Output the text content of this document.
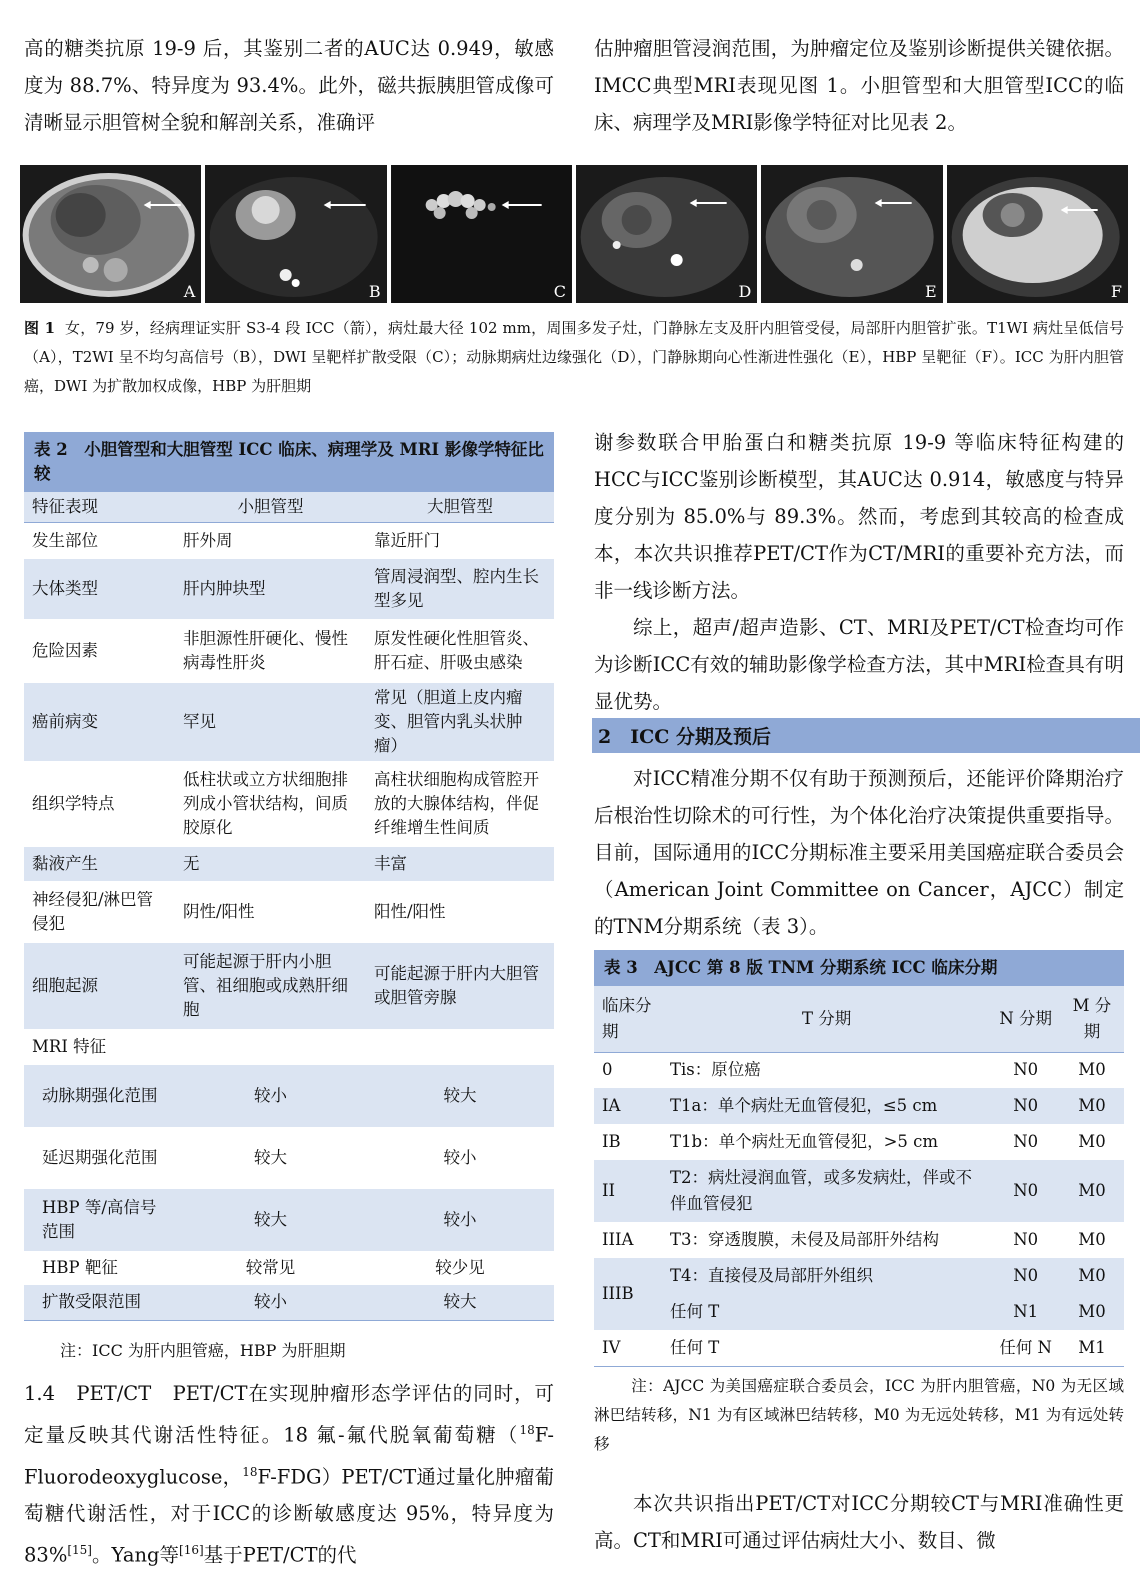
高的糖类抗原 19-9 后，其鉴别二者的AUC达 0.949，敏感度为 88.7%、特异度为 93.4%。此外，磁共振胰胆管成像可清晰显示胆管树全貌和解剖关系，准确评

估肿瘤胆管浸润范围，为肿瘤定位及鉴别诊断提供关键依据。IMCC典型MRI表现见图 1。小胆管型和大胆管型ICC的临床、病理学及MRI影像学特征对比见表 2。

A	B	C	D	E	F
图 1 女，79 岁，经病理证实肝 S3-4 段 ICC（箭），病灶最大径 102 mm，周围多发子灶，门静脉左支及肝内胆管受侵，局部肝内胆管扩张。T1WI 病灶呈低信号（A），T2WI 呈不均匀高信号（B），DWI 呈靶样扩散受限（C）；动脉期病灶边缘强化（D），门静脉期向心性渐进性强化（E），HBP 呈靶征（F）。ICC 为肝内胆管癌，DWI 为扩散加权成像，HBP 为肝胆期
表 2　小胆管型和大胆管型 ICC 临床、病理学及 MRI 影像学特征比较
特征表现	小胆管型	大胆管型
发生部位	肝外周	靠近肝门
大体类型	肝内肿块型	管周浸润型、腔内生长型多见
危险因素	非胆源性肝硬化、慢性病毒性肝炎	原发性硬化性胆管炎、肝石症、肝吸虫感染
癌前病变	罕见	常见（胆道上皮内瘤变、胆管内乳头状肿瘤）
组织学特点	低柱状或立方状细胞排列成小管状结构，间质胶原化	高柱状细胞构成管腔开放的大腺体结构，伴促纤维增生性间质
黏液产生	无	丰富
神经侵犯/淋巴管侵犯	阴性/阳性	阳性/阳性
细胞起源	可能起源于肝内小胆管、祖细胞或成熟肝细胞	可能起源于肝内大胆管或胆管旁腺
MRI 特征		
动脉期强化范围	较小	较大
延迟期强化范围	较大	较小
HBP 等/高信号范围	较大	较小
HBP 靶征	较常见	较少见
扩散受限范围	较小	较大
注：ICC 为肝内胆管癌，HBP 为肝胆期

1.4　PET/CT PET/CT在实现肿瘤形态学评估的同时，可定量反映其代谢活性特征。18 氟-氟代脱氧葡萄糖（$^{18}$F-Fluorodeoxyglucose，$^{18}$F-FDG）PET/CT通过量化肿瘤葡萄糖代谢活性，对于ICC的诊断敏感度达 95%，特异度为 83%[15]。Yang等[16]基于PET/CT的代

谢参数联合甲胎蛋白和糖类抗原 19-9 等临床特征构建的HCC与ICC鉴别诊断模型，其AUC达 0.914，敏感度与特异度分别为 85.0%与 89.3%。然而，考虑到其较高的检查成本，本次共识推荐PET/CT作为CT/MRI的重要补充方法，而非一线诊断方法。

综上，超声/超声造影、CT、MRI及PET/CT检查均可作为诊断ICC有效的辅助影像学检查方法，其中MRI检查具有明显优势。

2　ICC 分期及预后

对ICC精准分期不仅有助于预测预后，还能评价降期治疗后根治性切除术的可行性，为个体化治疗决策提供重要指导。目前，国际通用的ICC分期标准主要采用美国癌症联合委员会（American Joint Committee on Cancer，AJCC）制定的TNM分期系统（表 3）。

表 3　AJCC 第 8 版 TNM 分期系统 ICC 临床分期
临床分期	T 分期	N 分期	M 分期
0	Tis：原位癌	N0	M0
IA	T1a：单个病灶无血管侵犯，≤5 cm	N0	M0
IB	T1b：单个病灶无血管侵犯，>5 cm	N0	M0
II	T2：病灶浸润血管，或多发病灶，伴或不伴血管侵犯	N0	M0
IIIA	T3：穿透腹膜，未侵及局部肝外结构	N0	M0
IIIB	T4：直接侵及局部肝外组织	N0	M0
	任何 T	N1	M0
IV	任何 T	任何 N	M1
注：AJCC 为美国癌症联合委员会，ICC 为肝内胆管癌，N0 为无区域淋巴结转移，N1 为有区域淋巴结转移，M0 为无远处转移，M1 为有远处转移

本次共识指出PET/CT对ICC分期较CT与MRI准确性更高。CT和MRI可通过评估病灶大小、数目、微
